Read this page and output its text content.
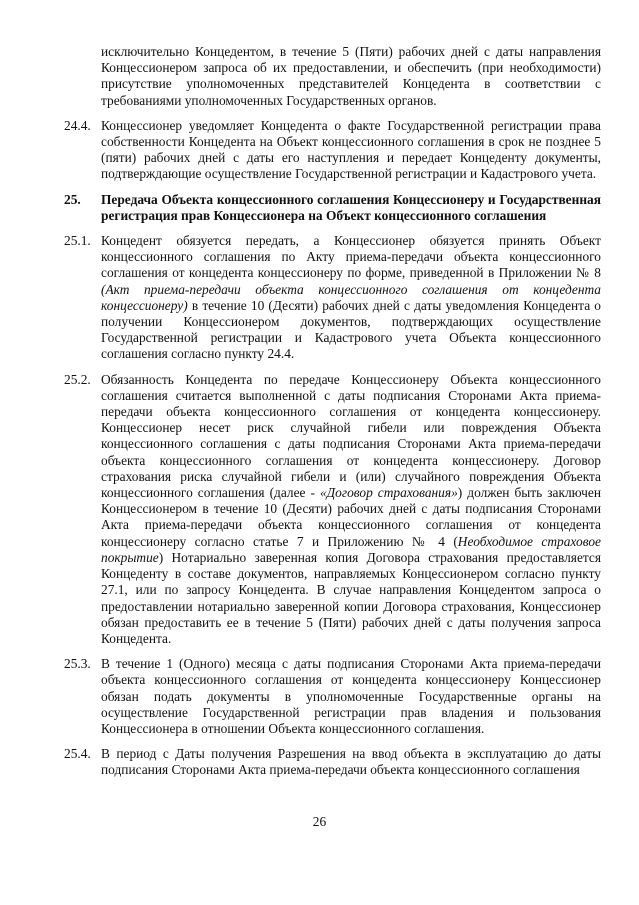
исключительно Концедентом, в течение 5 (Пяти) рабочих дней с даты направления Концессионером запроса об их предоставлении, и обеспечить (при необходимости) присутствие уполномоченных представителей Концедента в соответствии с требованиями уполномоченных Государственных органов.
24.4. Концессионер уведомляет Концедента о факте Государственной регистрации права собственности Концедента на Объект концессионного соглашения в срок не позднее 5 (пяти) рабочих дней с даты его наступления и передает Концеденту документы, подтверждающие осуществление Государственной регистрации и Кадастрового учета.
25.	Передача Объекта концессионного соглашения Концессионеру и Государственная регистрация прав Концессионера на Объект концессионного соглашения
25.1. Концедент обязуется передать, а Концессионер обязуется принять Объект концессионного соглашения по Акту приема-передачи объекта концессионного соглашения от концедента концессионеру по форме, приведенной в Приложении № 8 (Акт приема-передачи объекта концессионного соглашения от концедента концессионеру) в течение 10 (Десяти) рабочих дней с даты уведомления Концедента о получении Концессионером документов, подтверждающих осуществление Государственной регистрации и Кадастрового учета Объекта концессионного соглашения согласно пункту 24.4.
25.2. Обязанность Концедента по передаче Концессионеру Объекта концессионного соглашения считается выполненной с даты подписания Сторонами Акта приема-передачи объекта концессионного соглашения от концедента концессионеру. Концессионер несет риск случайной гибели или повреждения Объекта концессионного соглашения с даты подписания Сторонами Акта приема-передачи объекта концессионного соглашения от концедента концессионеру. Договор страхования риска случайной гибели и (или) случайного повреждения Объекта концессионного соглашения (далее - «Договор страхования») должен быть заключен Концессионером в течение 10 (Десяти) рабочих дней с даты подписания Сторонами Акта приема-передачи объекта концессионного соглашения от концедента концессионеру согласно статье 7 и Приложению № 4 (Необходимое страховое покрытие) Нотариально заверенная копия Договора страхования предоставляется Концеденту в составе документов, направляемых Концессионером согласно пункту 27.1, или по запросу Концедента. В случае направления Концедентом запроса о предоставлении нотариально заверенной копии Договора страхования, Концессионер обязан предоставить ее в течение 5 (Пяти) рабочих дней с даты получения запроса Концедента.
25.3. В течение 1 (Одного) месяца с даты подписания Сторонами Акта приема-передачи объекта концессионного соглашения от концедента концессионеру Концессионер обязан подать документы в уполномоченные Государственные органы на осуществление Государственной регистрации прав владения и пользования Концессионера в отношении Объекта концессионного соглашения.
25.4. В период с Даты получения Разрешения на ввод объекта в эксплуатацию до даты подписания Сторонами Акта приема-передачи объекта концессионного соглашения
26
